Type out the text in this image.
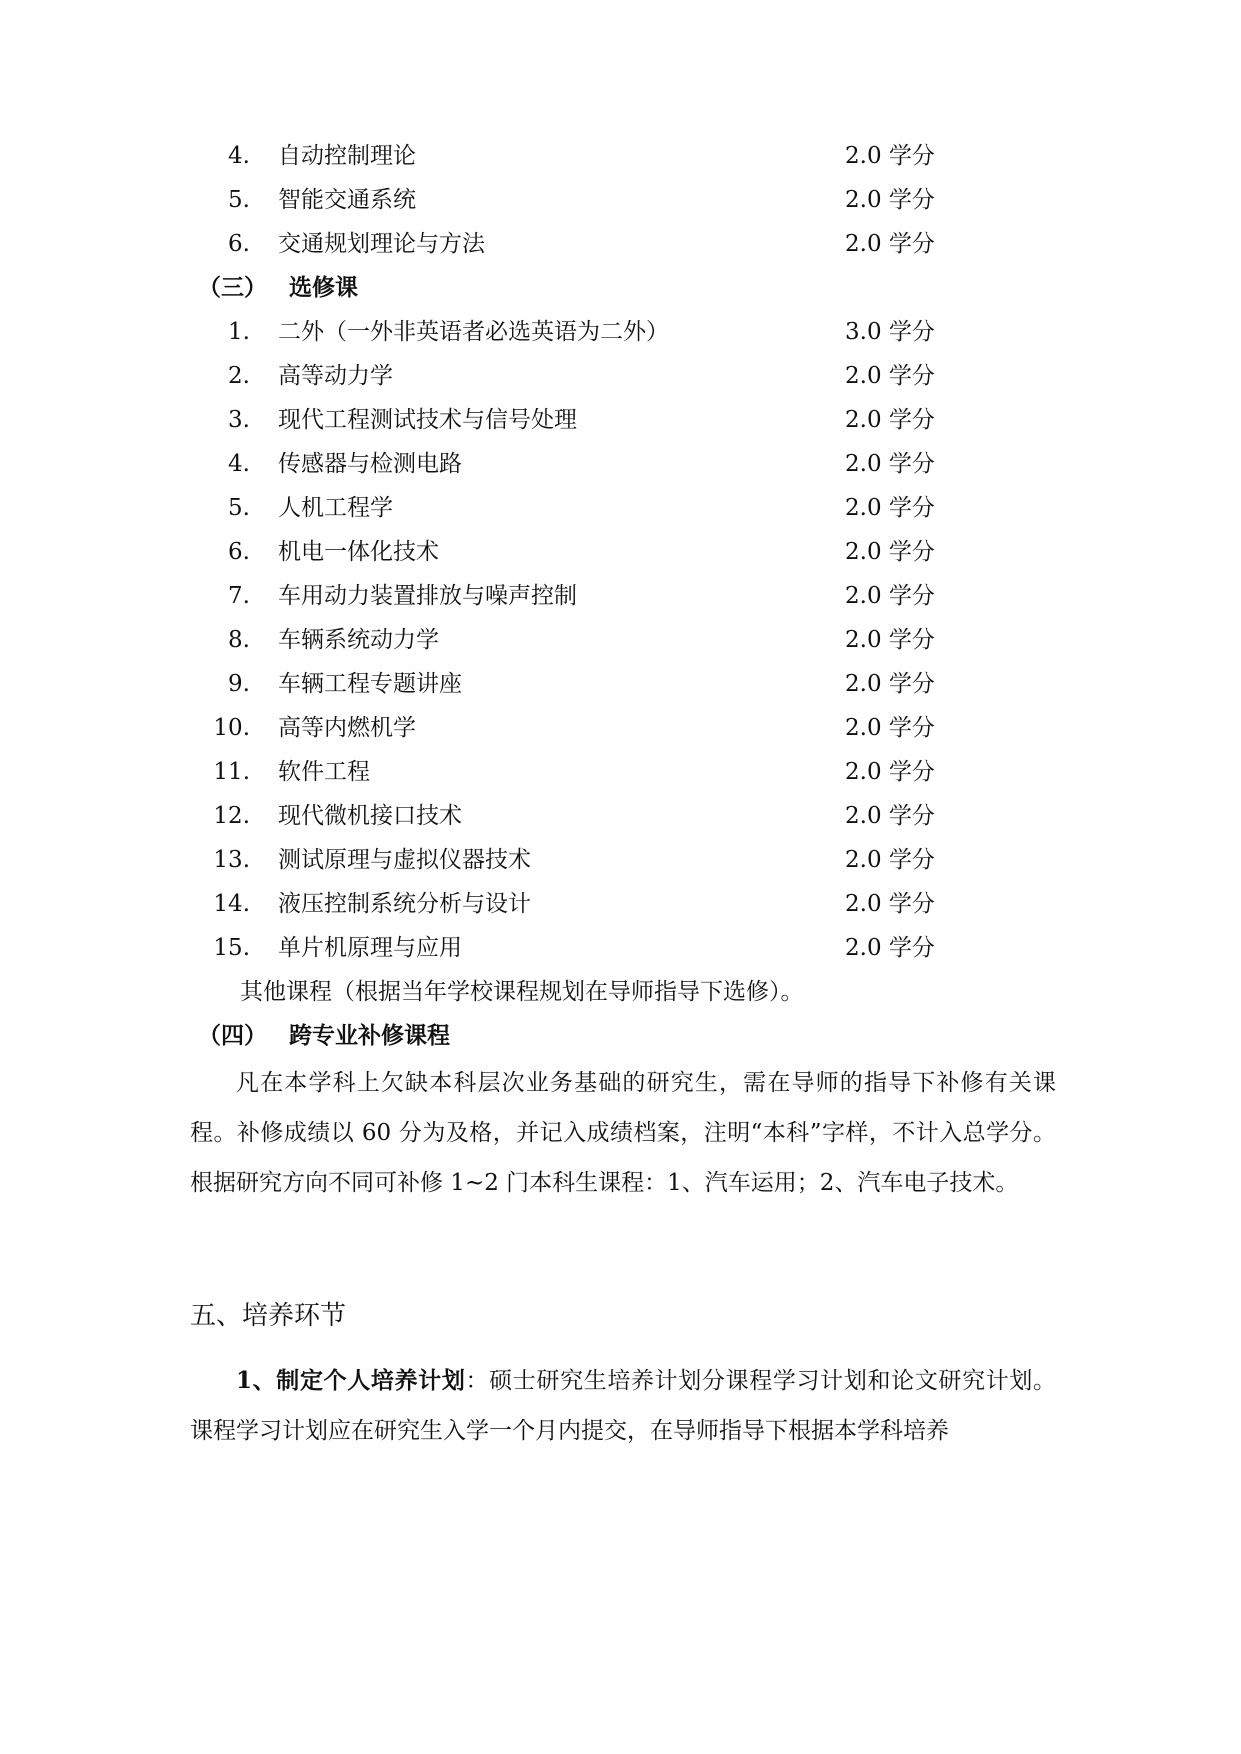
4. 自动控制理论	2.0 学分
5. 智能交通系统	2.0 学分
6. 交通规划理论与方法	2.0 学分
（三） 选修课
1. 二外（一外非英语者必选英语为二外）	3.0 学分
2. 高等动力学	2.0 学分
3. 现代工程测试技术与信号处理	2.0 学分
4. 传感器与检测电路	2.0 学分
5. 人机工程学	2.0 学分
6. 机电一体化技术	2.0 学分
7. 车用动力装置排放与噪声控制	2.0 学分
8. 车辆系统动力学	2.0 学分
9. 车辆工程专题讲座	2.0 学分
10. 高等内燃机学	2.0 学分
11. 软件工程	2.0 学分
12. 现代微机接口技术	2.0 学分
13. 测试原理与虚拟仪器技术	2.0 学分
14. 液压控制系统分析与设计	2.0 学分
15. 单片机原理与应用	2.0 学分
其他课程（根据当年学校课程规划在导师指导下选修）。
（四） 跨专业补修课程
凡在本学科上欠缺本科层次业务基础的研究生，需在导师的指导下补修有关课程。补修成绩以 60 分为及格，并记入成绩档案，注明“本科”字样，不计入总学分。根据研究方向不同可补修 1~2 门本科生课程：1、汽车运用；2、汽车电子技术。
五、培养环节
1、制定个人培养计划：硕士研究生培养计划分课程学习计划和论文研究计划。课程学习计划应在研究生入学一个月内提交，在导师指导下根据本学科培养
